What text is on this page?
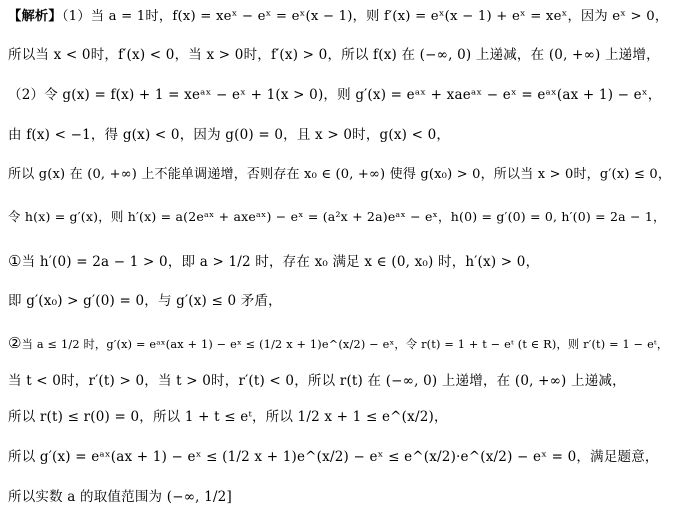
【解析】（1）当 a = 1时，f(x) = xeˣ − eˣ = eˣ(x − 1)，则 f′(x) = eˣ(x − 1) + eˣ = xeˣ，因为 eˣ > 0，
所以当 x < 0时，f′(x) < 0，当 x > 0时，f′(x) > 0，所以 f(x) 在 (−∞, 0) 上递减，在 (0, +∞) 上递增，
（2）令 g(x) = f(x) + 1 = xeᵃˣ − eˣ + 1(x > 0)，则 g′(x) = eᵃˣ + xaeᵃˣ − eˣ = eᵃˣ(ax + 1) − eˣ，
由 f(x) < −1，得 g(x) < 0，因为 g(0) = 0，且 x > 0时，g(x) < 0，
所以 g(x) 在 (0, +∞) 上不能单调递增，否则存在 x₀ ∈ (0, +∞) 使得 g(x₀) > 0，所以当 x > 0时，g′(x) ≤ 0，
令 h(x) = g′(x)，则 h′(x) = a(2eᵃˣ + axeᵃˣ) − eˣ = (a²x + 2a)eᵃˣ − eˣ，h(0) = g′(0) = 0, h′(0) = 2a − 1，
①当 h′(0) = 2a − 1 > 0，即 a > 1/2 时，存在 x₀ 满足 x ∈ (0, x₀) 时，h′(x) > 0，
即 g′(x₀) > g′(0) = 0，与 g′(x) ≤ 0 矛盾，
②当 a ≤ 1/2 时，g′(x) = eᵃˣ(ax + 1) − eˣ ≤ (1/2 x + 1)e^(x/2) − eˣ，令 r(t) = 1 + t − eᵗ (t ∈ R)，则 r′(t) = 1 − eᵗ，
当 t < 0时，r′(t) > 0，当 t > 0时，r′(t) < 0，所以 r(t) 在 (−∞, 0) 上递增，在 (0, +∞) 上递减，
所以 r(t) ≤ r(0) = 0，所以 1 + t ≤ eᵗ，所以 1/2 x + 1 ≤ e^(x/2)，
所以 g′(x) = eᵃˣ(ax + 1) − eˣ ≤ (1/2 x + 1)e^(x/2) − eˣ ≤ e^(x/2)·e^(x/2) − eˣ = 0，满足题意，
所以实数 a 的取值范围为 (−∞, 1/2]
